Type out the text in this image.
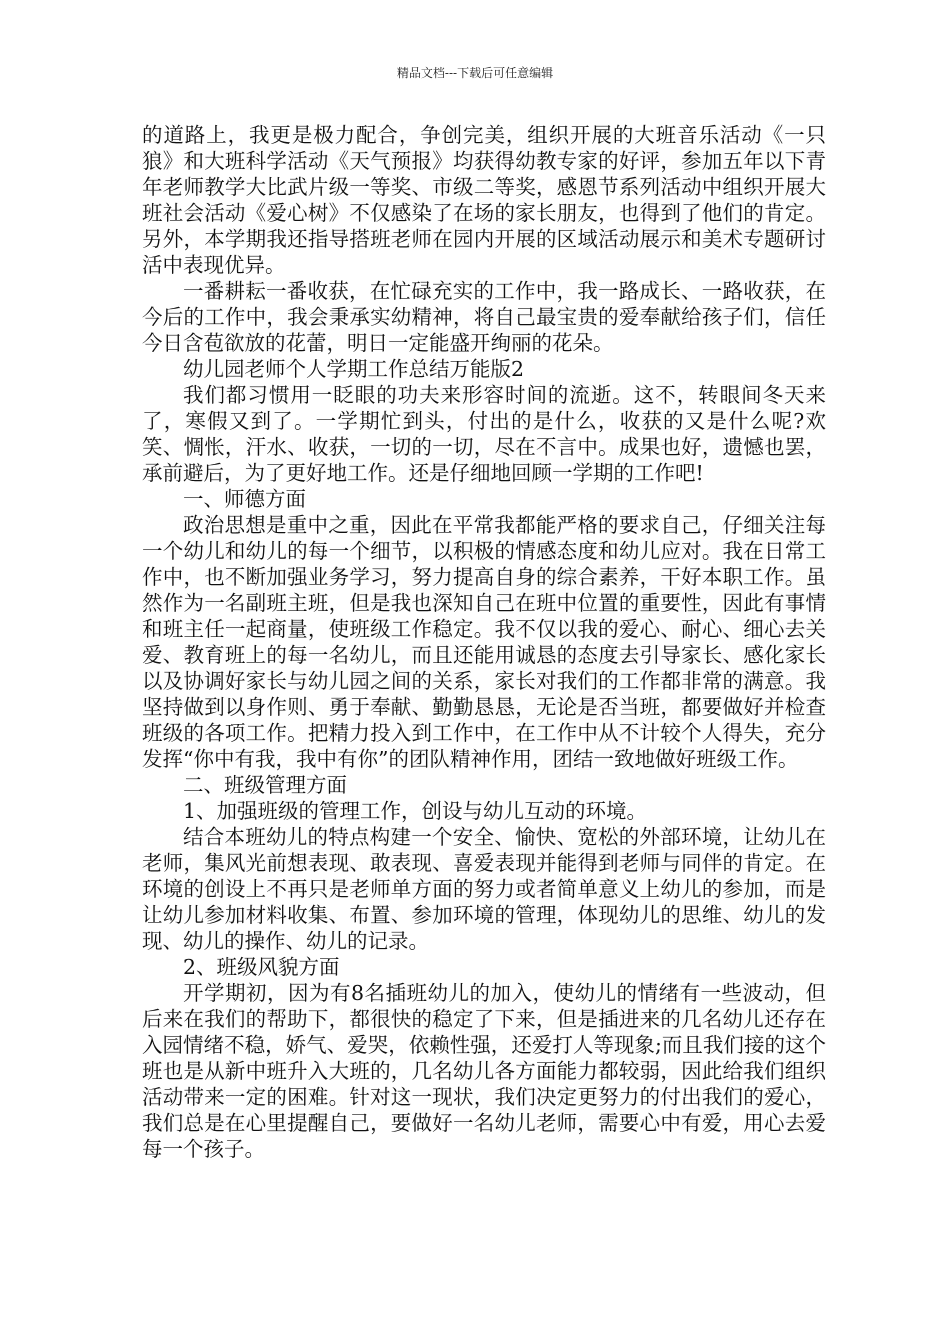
精品文档---下载后可任意编辑

的道路上，我更是极力配合，争创完美，组织开展的大班音乐活动《一只狼》和大班科学活动《天气预报》均获得幼教专家的好评，参加五年以下青年老师教学大比武片级一等奖、市级二等奖，感恩节系列活动中组织开展大班社会活动《爱心树》不仅感染了在场的家长朋友，也得到了他们的肯定。另外，本学期我还指导搭班老师在园内开展的区域活动展示和美术专题研讨活中表现优异。

一番耕耘一番收获，在忙碌充实的工作中，我一路成长、一路收获，在今后的工作中，我会秉承实幼精神，将自己最宝贵的爱奉献给孩子们，信任今日含苞欲放的花蕾，明日一定能盛开绚丽的花朵。

幼儿园老师个人学期工作总结万能版2

我们都习惯用一眨眼的功夫来形容时间的流逝。这不，转眼间冬天来了，寒假又到了。一学期忙到头，付出的是什么，收获的又是什么呢?欢笑、惆怅，汗水、收获，一切的一切，尽在不言中。成果也好，遗憾也罢，承前避后，为了更好地工作。还是仔细地回顾一学期的工作吧!

一、师德方面

政治思想是重中之重，因此在平常我都能严格的要求自己，仔细关注每一个幼儿和幼儿的每一个细节，以积极的情感态度和幼儿应对。我在日常工作中，也不断加强业务学习，努力提高自身的综合素养，干好本职工作。虽然作为一名副班主班，但是我也深知自己在班中位置的重要性，因此有事情和班主任一起商量，使班级工作稳定。我不仅以我的爱心、耐心、细心去关爱、教育班上的每一名幼儿，而且还能用诚恳的态度去引导家长、感化家长以及协调好家长与幼儿园之间的关系，家长对我们的工作都非常的满意。我坚持做到以身作则、勇于奉献、勤勤恳恳，无论是否当班，都要做好并检查班级的各项工作。把精力投入到工作中，在工作中从不计较个人得失，充分发挥“你中有我，我中有你”的团队精神作用，团结一致地做好班级工作。

二、班级管理方面

1、加强班级的管理工作，创设与幼儿互动的环境。

结合本班幼儿的特点构建一个安全、愉快、宽松的外部环境，让幼儿在老师，集风光前想表现、敢表现、喜爱表现并能得到老师与同伴的肯定。在环境的创设上不再只是老师单方面的努力或者简单意义上幼儿的参加，而是让幼儿参加材料收集、布置、参加环境的管理，体现幼儿的思维、幼儿的发现、幼儿的操作、幼儿的记录。

2、班级风貌方面

开学期初，因为有8名插班幼儿的加入，使幼儿的情绪有一些波动，但后来在我们的帮助下，都很快的稳定了下来，但是插进来的几名幼儿还存在入园情绪不稳，娇气、爱哭，依赖性强，还爱打人等现象;而且我们接的这个班也是从新中班升入大班的，几名幼儿各方面能力都较弱，因此给我们组织活动带来一定的困难。针对这一现状，我们决定更努力的付出我们的爱心，我们总是在心里提醒自己，要做好一名幼儿老师，需要心中有爱，用心去爱每一个孩子。
